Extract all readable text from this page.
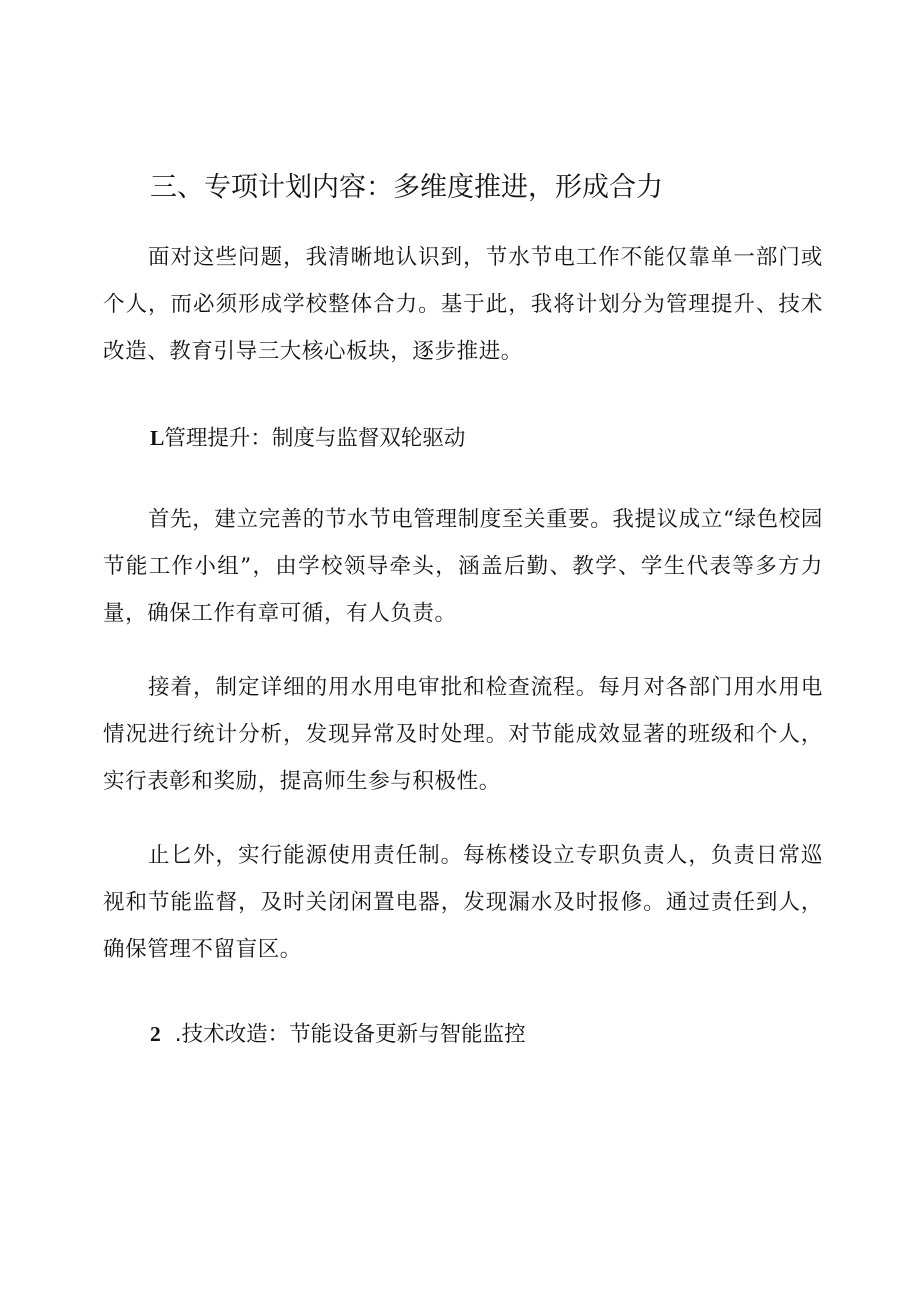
三、专项计划内容：多维度推进，形成合力

面对这些问题，我清晰地认识到，节水节电工作不能仅靠单一部门或个人，而必须形成学校整体合力。基于此，我将计划分为管理提升、技术改造、教育引导三大核心板块，逐步推进。

L管理提升：制度与监督双轮驱动

首先，建立完善的节水节电管理制度至关重要。我提议成立“绿色校园节能工作小组”，由学校领导牵头，涵盖后勤、教学、学生代表等多方力量，确保工作有章可循，有人负责。

接着，制定详细的用水用电审批和检查流程。每月对各部门用水用电情况进行统计分析，发现异常及时处理。对节能成效显著的班级和个人，实行表彰和奖励，提高师生参与积极性。

止匕外，实行能源使用责任制。每栋楼设立专职负责人，负责日常巡视和节能监督，及时关闭闲置电器，发现漏水及时报修。通过责任到人，确保管理不留盲区。

2 .技术改造：节能设备更新与智能监控
